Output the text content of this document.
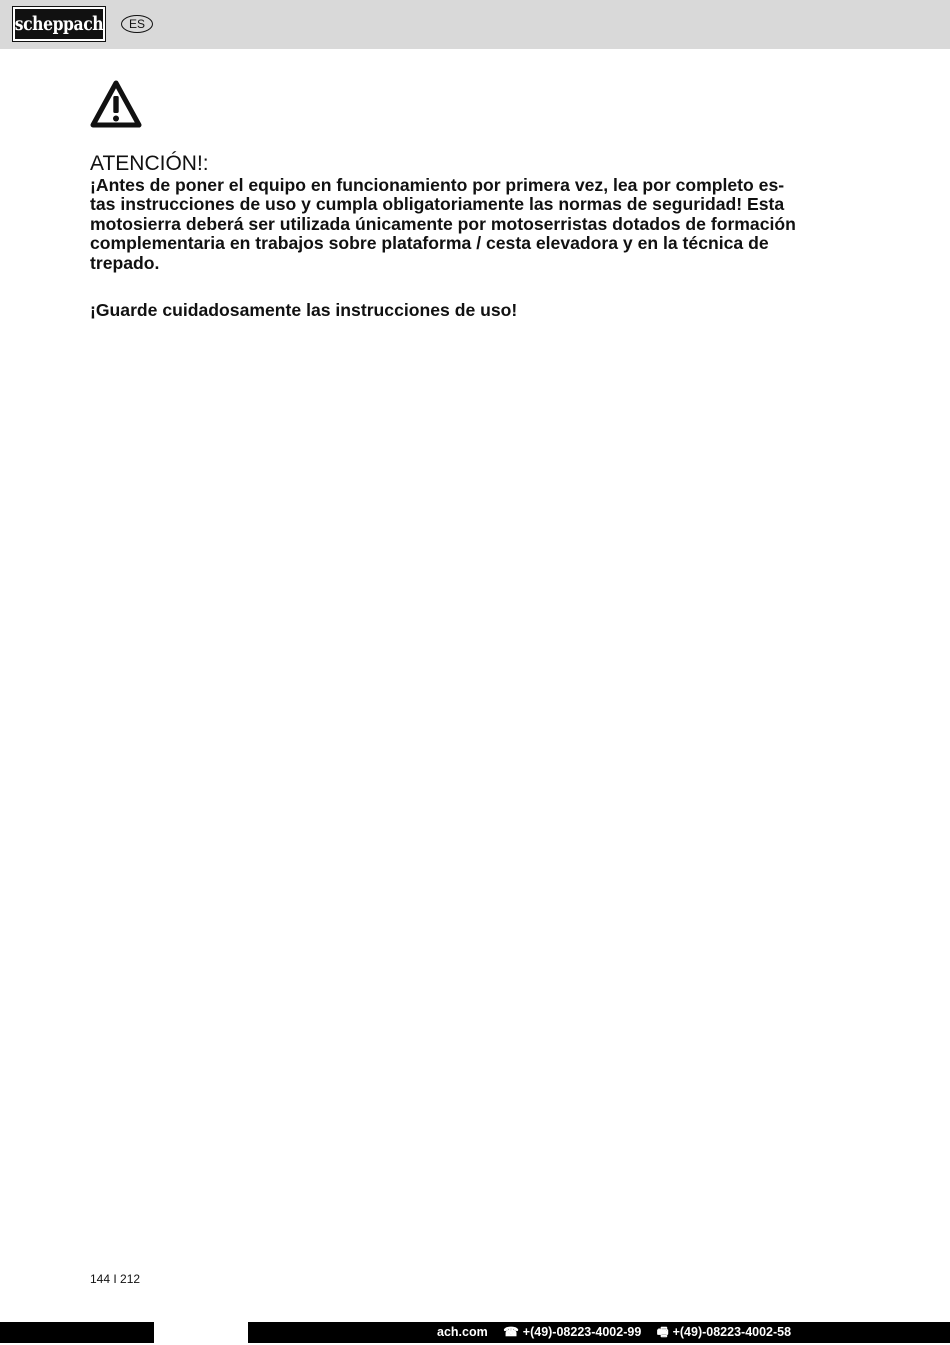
scheppach	ES
ATENCIÓN!:

¡Antes de poner el equipo en funcionamiento por primera vez, lea por completo es-
tas instrucciones de uso y cumpla obligatoriamente las normas de seguridad! Esta
motosierra deberá ser utilizada únicamente por motoserristas dotados de formación
complementaria en trabajos sobre plataforma / cesta elevadora y en la técnica de
trepado.

¡Guarde cuidadosamente las instrucciones de uso!

144 I 212
ach.com ☎ +(49)-08223-4002-99 🖷 +(49)-08223-4002-58
